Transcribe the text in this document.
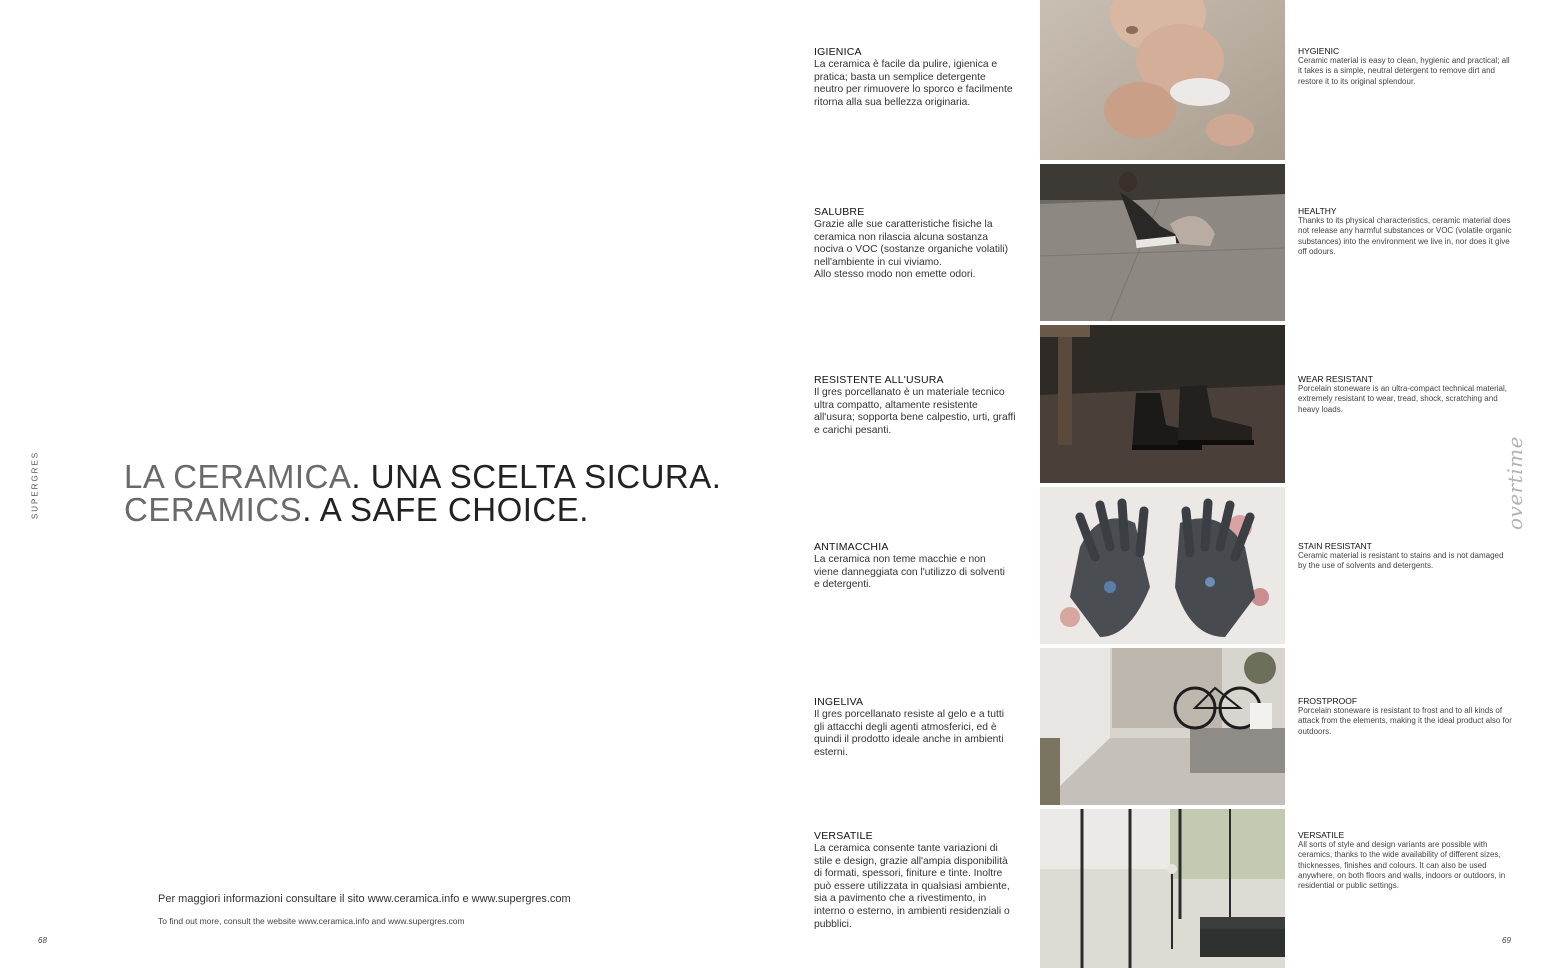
SUPERGRES	LA CERAMICA. UNA SCELTA SICURA.
CERAMICS. A SAFE CHOICE.
Per maggiori informazioni consultare il sito www.ceramica.info e www.supergres.com
To find out more, consult the website www.ceramica.info and www.supergres.com
68	69
overtime
IGIENICA

La ceramica è facile da pulire, igienica e
pratica; basta un semplice detergente
neutro per rimuovere lo sporco e facilmente
ritorna alla sua bellezza originaria.

SALUBRE

Grazie alle sue caratteristiche fisiche la
ceramica non rilascia alcuna sostanza
nociva o VOC (sostanze organiche volatili)
nell'ambiente in cui viviamo.
Allo stesso modo non emette odori.

RESISTENTE ALL'USURA

Il gres porcellanato è un materiale tecnico
ultra compatto, altamente resistente
all'usura; sopporta bene calpestio, urti, graffi
e carichi pesanti.

ANTIMACCHIA

La ceramica non teme macchie e non
viene danneggiata con l'utilizzo di solventi
e detergenti.

INGELIVA

Il gres porcellanato resiste al gelo e a tutti
gli attacchi degli agenti atmosferici, ed è
quindi il prodotto ideale anche in ambienti
esterni.

VERSATILE

La ceramica consente tante variazioni di
stile e design, grazie all'ampia disponibilità
di formati, spessori, finiture e tinte. Inoltre
può essere utilizzata in qualsiasi ambiente,
sia a pavimento che a rivestimento, in
interno o esterno, in ambienti residenziali o
pubblici.

HYGIENIC

Ceramic material is easy to clean, hygienic and practical; all it takes is a simple, neutral detergent to remove dirt and restore it to its original splendour.

HEALTHY

Thanks to its physical characteristics, ceramic material does not release any harmful substances or VOC (volatile organic substances) into the environment we live in, nor does it give off odours.

WEAR RESISTANT

Porcelain stoneware is an ultra-compact technical material, extremely resistant to wear, tread, shock, scratching and heavy loads.

STAIN RESISTANT

Ceramic material is resistant to stains and is not damaged by the use of solvents and detergents.

FROSTPROOF

Porcelain stoneware is resistant to frost and to all kinds of attack from the elements, making it the ideal product also for outdoors.

VERSATILE

All sorts of style and design variants are possible with ceramics, thanks to the wide availability of different sizes, thicknesses, finishes and colours. It can also be used anywhere, on both floors and walls, indoors or outdoors, in residential or public settings.
